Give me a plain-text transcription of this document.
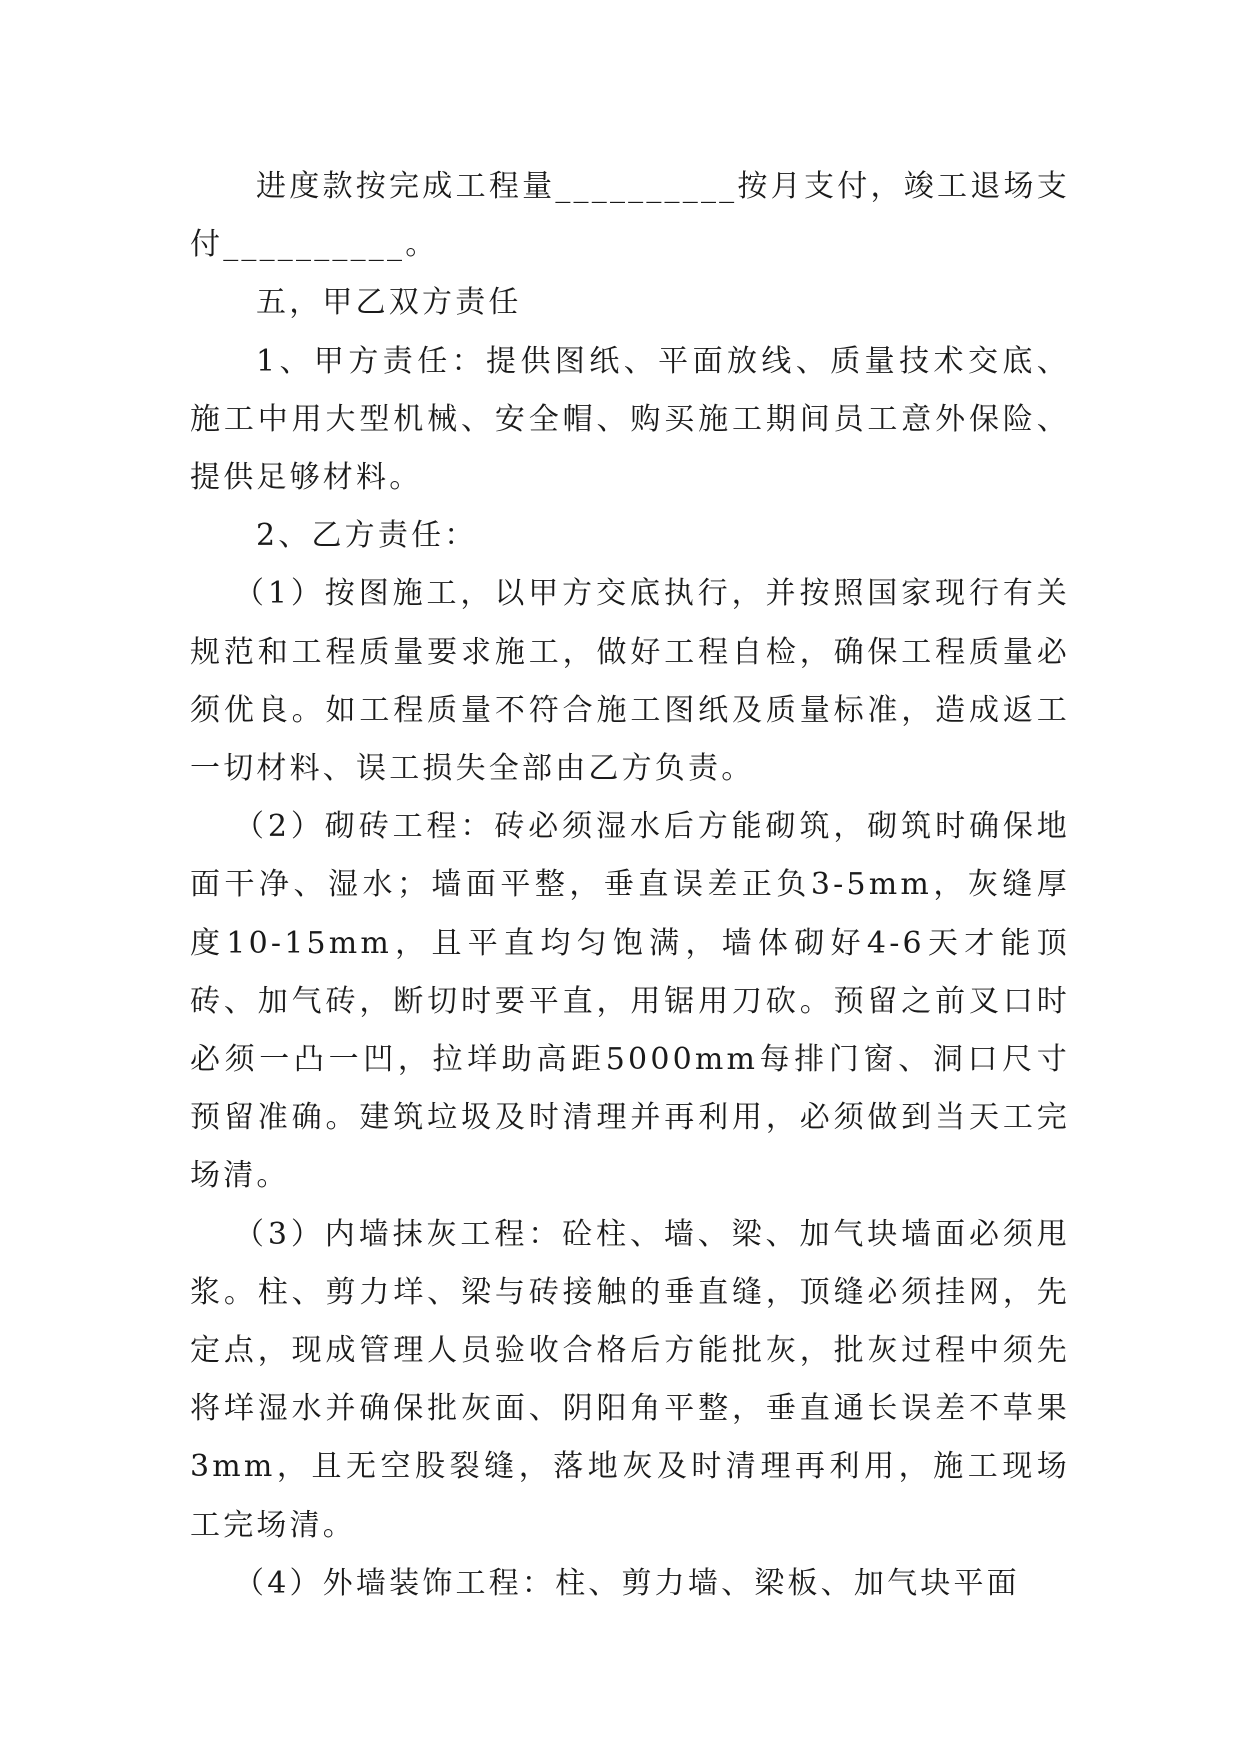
进度款按完成工程量__________按月支付，竣工退场支付__________。

五，甲乙双方责任

1、甲方责任：提供图纸、平面放线、质量技术交底、施工中用大型机械、安全帽、购买施工期间员工意外保险、提供足够材料。

2、乙方责任：

（1）按图施工，以甲方交底执行，并按照国家现行有关规范和工程质量要求施工，做好工程自检，确保工程质量必须优良。如工程质量不符合施工图纸及质量标准，造成返工一切材料、误工损失全部由乙方负责。

（2）砌砖工程：砖必须湿水后方能砌筑，砌筑时确保地面干净、湿水；墙面平整，垂直误差正负3-5mm，灰缝厚度10-15mm，且平直均匀饱满，墙体砌好4-6天才能顶砖、加气砖，断切时要平直，用锯用刀砍。预留之前叉口时必须一凸一凹，拉垟助高距5000mm每排门窗、洞口尺寸预留准确。建筑垃圾及时清理并再利用，必须做到当天工完场清。

（3）内墙抹灰工程：砼柱、墙、梁、加气块墙面必须甩浆。柱、剪力垟、梁与砖接触的垂直缝，顶缝必须挂网，先定点，现成管理人员验收合格后方能批灰，批灰过程中须先将垟湿水并确保批灰面、阴阳角平整，垂直通长误差不草果3mm，且无空股裂缝，落地灰及时清理再利用，施工现场工完场清。

（4）外墙装饰工程：柱、剪力墙、梁板、加气块平面
